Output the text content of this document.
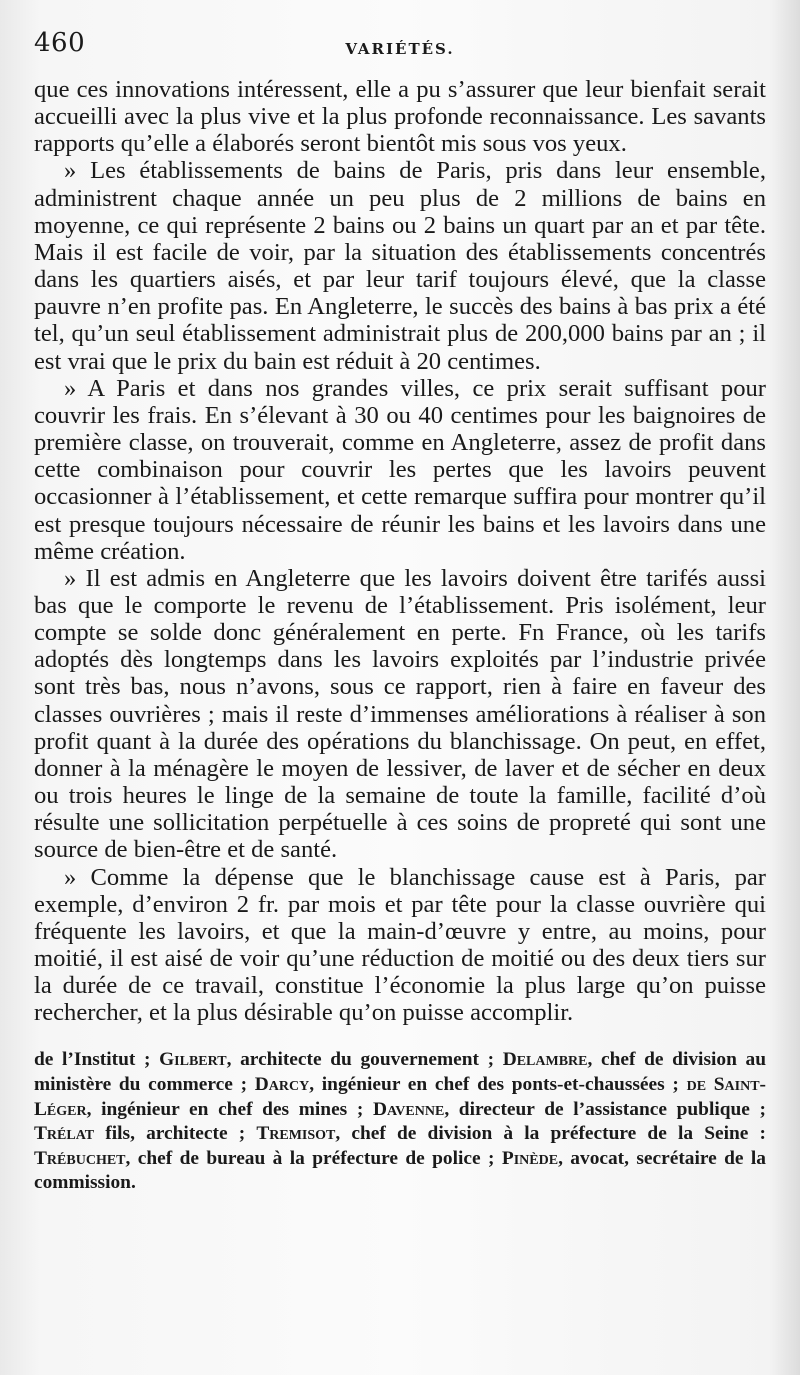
460	VARIÉTÉS.

que ces innovations intéressent, elle a pu s’assurer que leur bienfait serait accueilli avec la plus vive et la plus profonde reconnaissance. Les savants rapports qu’elle a élaborés seront bientôt mis sous vos yeux.

» Les établissements de bains de Paris, pris dans leur ensemble, administrent chaque année un peu plus de 2 millions de bains en moyenne, ce qui représente 2 bains ou 2 bains un quart par an et par tête. Mais il est facile de voir, par la situation des établissements concentrés dans les quartiers aisés, et par leur tarif toujours élevé, que la classe pauvre n’en profite pas. En Angleterre, le succès des bains à bas prix a été tel, qu’un seul établissement administrait plus de 200,000 bains par an ; il est vrai que le prix du bain est réduit à 20 centimes.

» A Paris et dans nos grandes villes, ce prix serait suffisant pour couvrir les frais. En s’élevant à 30 ou 40 centimes pour les baignoires de première classe, on trouverait, comme en Angleterre, assez de profit dans cette combinaison pour couvrir les pertes que les lavoirs peuvent occasionner à l’établissement, et cette remarque suffira pour montrer qu’il est presque toujours nécessaire de réunir les bains et les lavoirs dans une même création.

» Il est admis en Angleterre que les lavoirs doivent être tarifés aussi bas que le comporte le revenu de l’établissement. Pris isolément, leur compte se solde donc généralement en perte. Fn France, où les tarifs adoptés dès longtemps dans les lavoirs exploités par l’industrie privée sont très bas, nous n’avons, sous ce rapport, rien à faire en faveur des classes ouvrières ; mais il reste d’immenses améliorations à réaliser à son profit quant à la durée des opérations du blanchissage. On peut, en effet, donner à la ménagère le moyen de lessiver, de laver et de sécher en deux ou trois heures le linge de la semaine de toute la famille, facilité d’où résulte une sollicitation perpétuelle à ces soins de propreté qui sont une source de bien-être et de santé.

» Comme la dépense que le blanchissage cause est à Paris, par exemple, d’environ 2 fr. par mois et par tête pour la classe ouvrière qui fréquente les lavoirs, et que la main-d’œuvre y entre, au moins, pour moitié, il est aisé de voir qu’une réduction de moitié ou des deux tiers sur la durée de ce travail, constitue l’économie la plus large qu’on puisse rechercher, et la plus désirable qu’on puisse accomplir.

de l’Institut ; Gilbert, architecte du gouvernement ; Delambre, chef de division au ministère du commerce ; Darcy, ingénieur en chef des ponts-et-chaussées ; de Saint-Léger, ingénieur en chef des mines ; Davenne, directeur de l’assistance publique ; Trélat fils, architecte ; Tremisot, chef de division à la préfecture de la Seine : Trébuchet, chef de bureau à la préfecture de police ; Pinède, avocat, secrétaire de la commission.
